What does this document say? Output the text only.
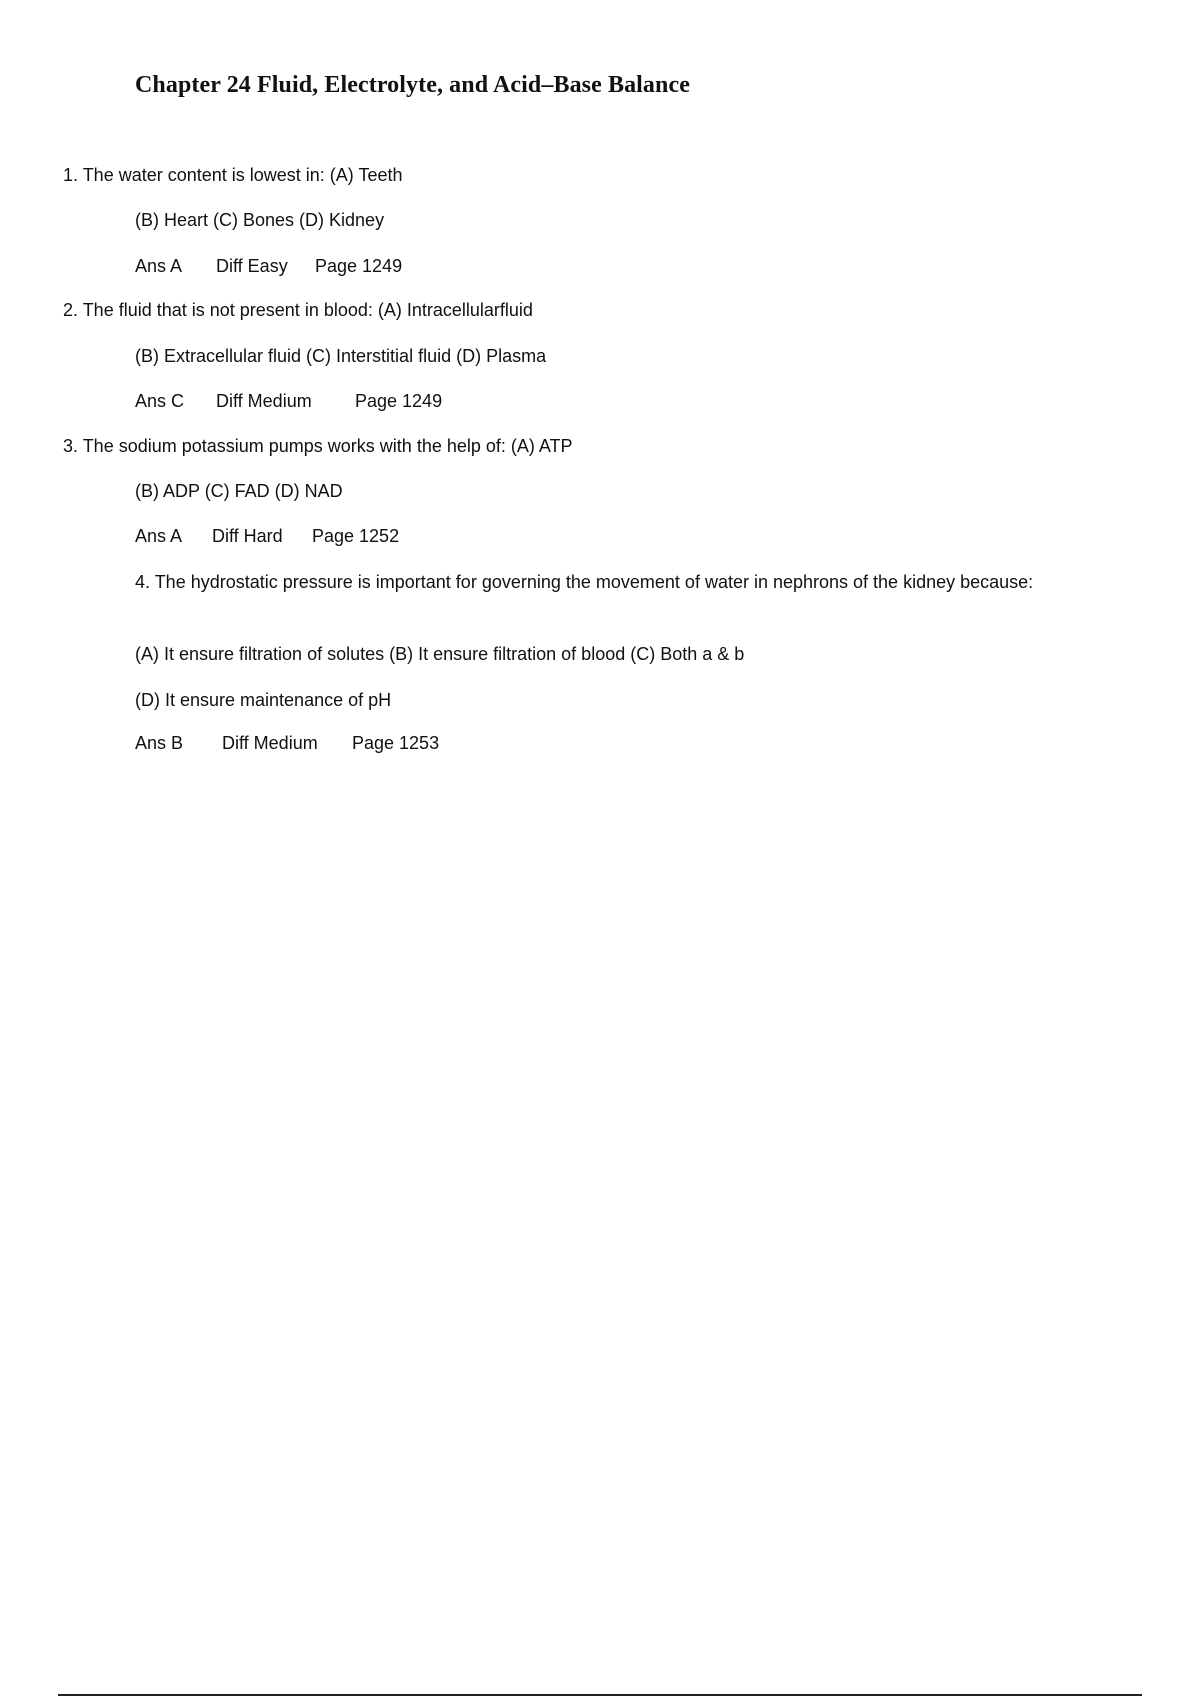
Chapter 24 Fluid, Electrolyte, and Acid–Base Balance
1. The water content is lowest in: (A) Teeth
(B) Heart (C) Bones (D) Kidney
Ans A Diff Easy Page 1249
2. The fluid that is not present in blood: (A) Intracellularfluid
(B) Extracellular fluid (C) Interstitial fluid (D) Plasma
Ans C Diff Medium Page 1249
3. The sodium potassium pumps works with the help of: (A) ATP
(B) ADP (C) FAD (D) NAD
Ans A Diff Hard Page 1252
4. The hydrostatic pressure is important for governing the movement of water in nephrons of the kidney because:
(A) It ensure filtration of solutes (B) It ensure filtration of blood (C) Both a & b
(D) It ensure maintenance of pH
Ans B Diff Medium Page 1253
